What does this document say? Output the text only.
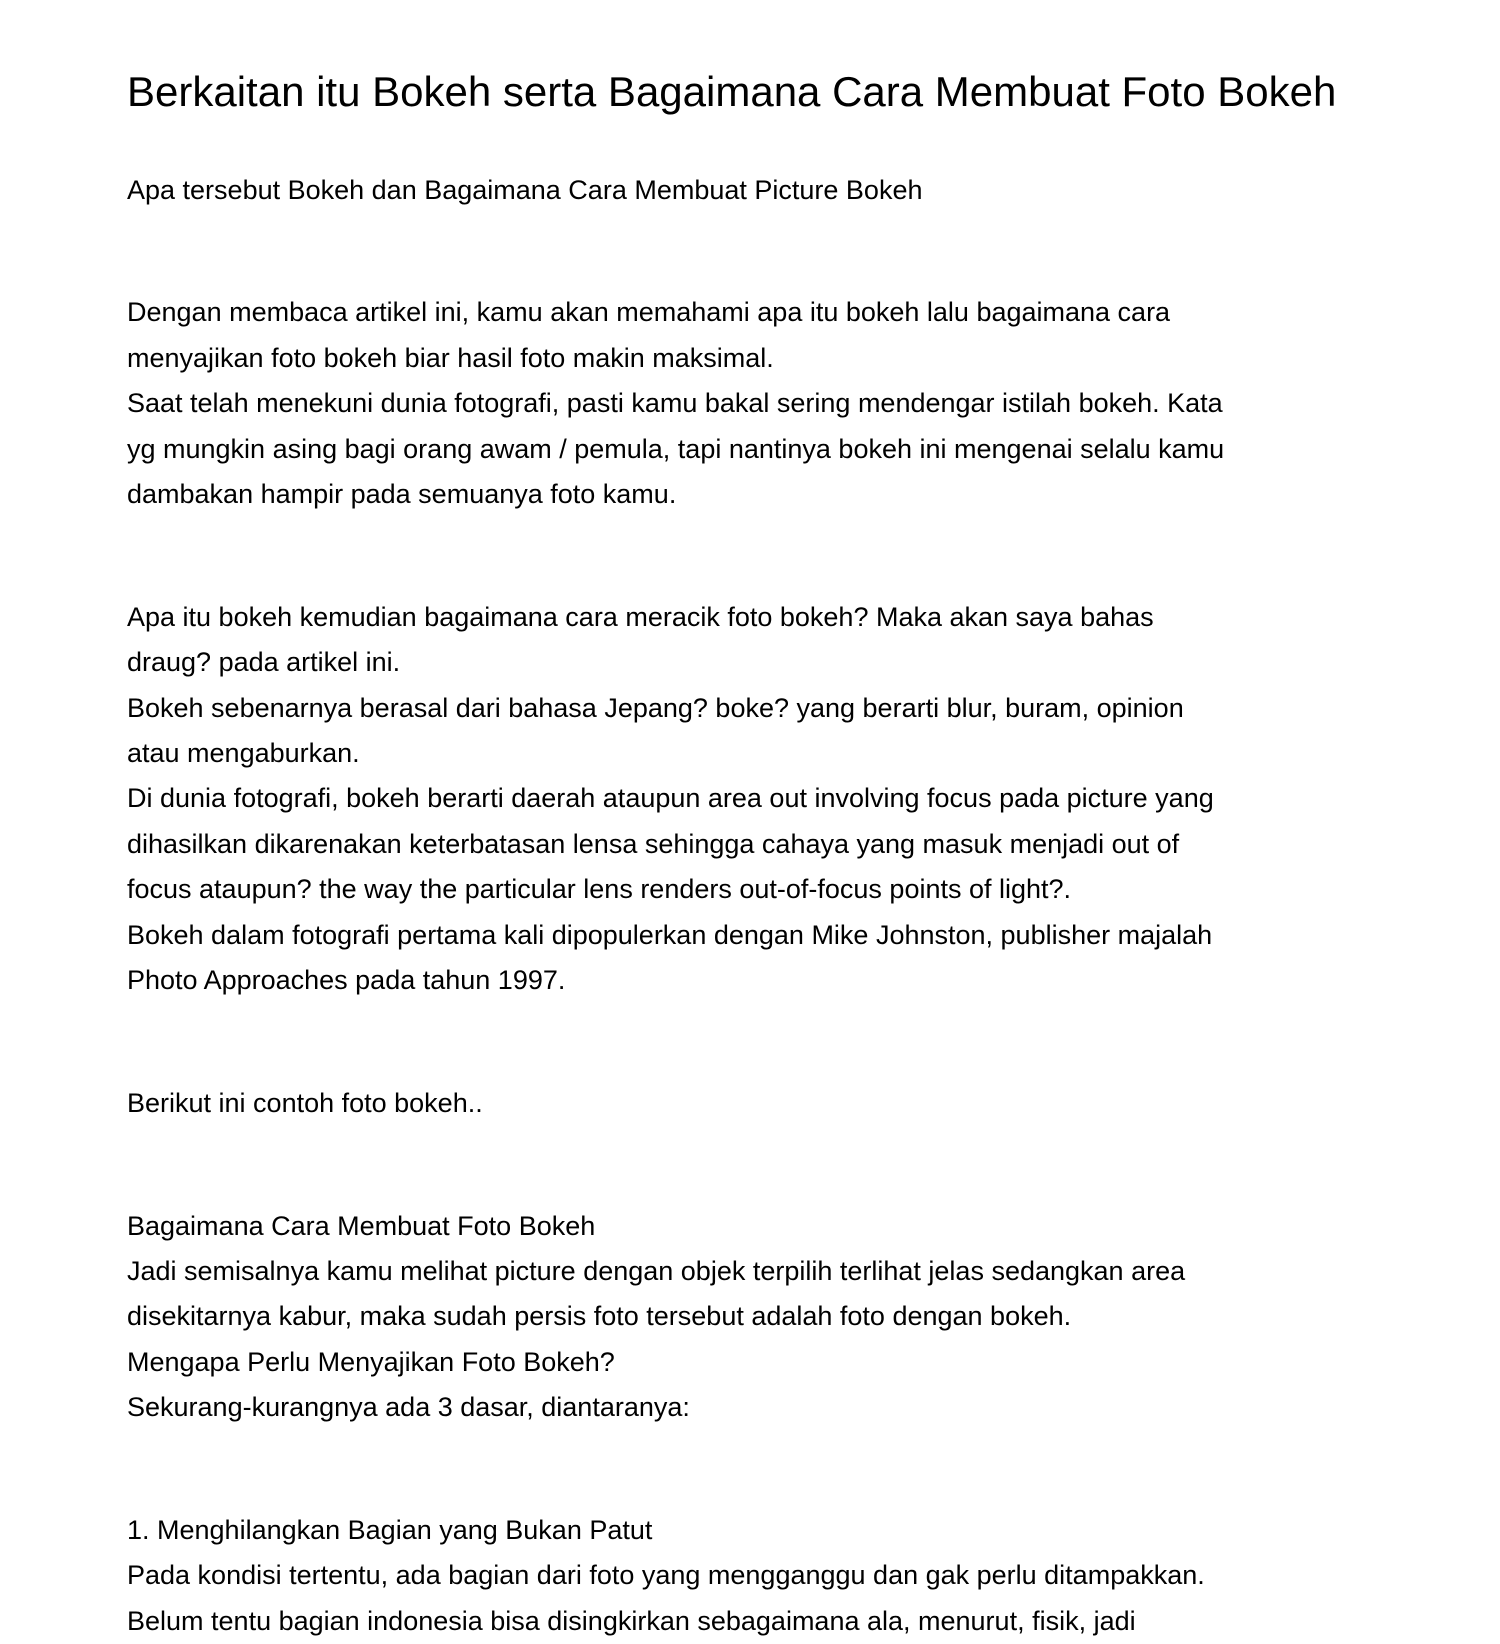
Berkaitan itu Bokeh serta Bagaimana Cara Membuat Foto Bokeh

Apa tersebut Bokeh dan Bagaimana Cara Membuat Picture Bokeh

Dengan membaca artikel ini, kamu akan memahami apa itu bokeh lalu bagaimana cara

menyajikan foto bokeh biar hasil foto makin maksimal.

Saat telah menekuni dunia fotografi, pasti kamu bakal sering mendengar istilah bokeh. Kata

yg mungkin asing bagi orang awam / pemula, tapi nantinya bokeh ini mengenai selalu kamu

dambakan hampir pada semuanya foto kamu.

Apa itu bokeh kemudian bagaimana cara meracik foto bokeh? Maka akan saya bahas

draug? pada artikel ini.

Bokeh sebenarnya berasal dari bahasa Jepang? boke? yang berarti blur, buram, opinion

atau mengaburkan.

Di dunia fotografi, bokeh berarti daerah ataupun area out involving focus pada picture yang

dihasilkan dikarenakan keterbatasan lensa sehingga cahaya yang masuk menjadi out of

focus ataupun? the way the particular lens renders out-of-focus points of light?.

Bokeh dalam fotografi pertama kali dipopulerkan dengan Mike Johnston, publisher majalah

Photo Approaches pada tahun 1997.

Berikut ini contoh foto bokeh..

Bagaimana Cara Membuat Foto Bokeh

Jadi semisalnya kamu melihat picture dengan objek terpilih terlihat jelas sedangkan area

disekitarnya kabur, maka sudah persis foto tersebut adalah foto dengan bokeh.

Mengapa Perlu Menyajikan Foto Bokeh?

Sekurang-kurangnya ada 3 dasar, diantaranya:

1. Menghilangkan Bagian yang Bukan Patut

Pada kondisi tertentu, ada bagian dari foto yang mengganggu dan gak perlu ditampakkan.

Belum tentu bagian indonesia bisa disingkirkan sebagaimana ala, menurut, fisik, jadi
